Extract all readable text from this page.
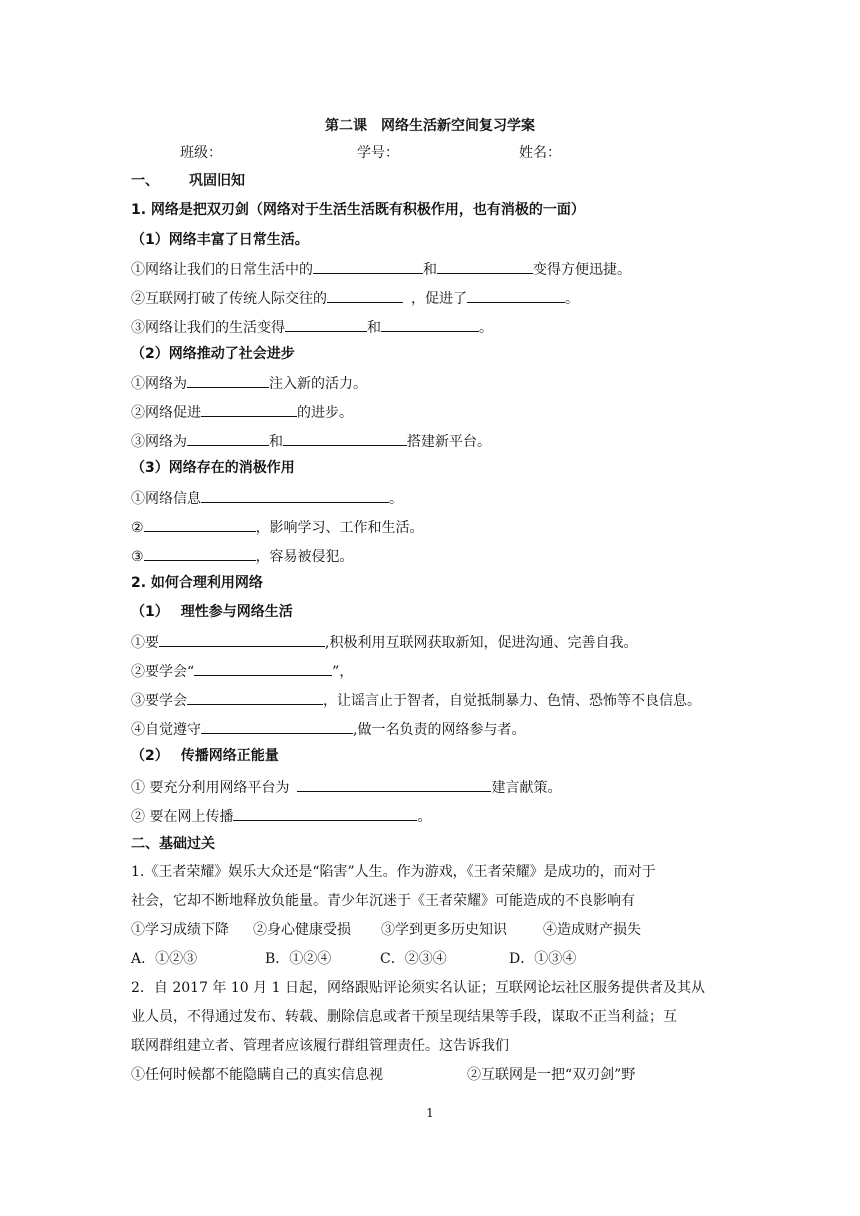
第二课　网络生活新空间复习学案
班级：	学号：	姓名：
一、 巩固旧知
1. 网络是把双刃剑（网络对于生活生活既有积极作用，也有消极的一面）
（1）网络丰富了日常生活。
①网络让我们的日常生活中的	和	变得方便迅捷。
②互联网打破了传统人际交往的	，促进了	。
③网络让我们的生活变得	和	。
（2）网络推动了社会进步
①网络为	注入新的活力。
②网络促进	的进步。
③网络为	和	搭建新平台。
（3）网络存在的消极作用
①网络信息	。
②	，影响学习、工作和生活。
③	，容易被侵犯。
2. 如何合理利用网络
（1） 理性参与网络生活
①要	,积极利用互联网获取新知，促进沟通、完善自我。
②要学会“	”，
③要学会	，让谣言止于智者，自觉抵制暴力、色情、恐怖等不良信息。
④自觉遵守	,做一名负责的网络参与者。
（2） 传播网络正能量
① 要充分利用网络平台为	建言献策。
② 要在网上传播	。
二、基础过关
1.《王者荣耀》娱乐大众还是“陷害”人生。作为游戏，《王者荣耀》是成功的，而对于
社会，它却不断地释放负能量。青少年沉迷于《王者荣耀》可能造成的不良影响有
①学习成绩下降 ②身心健康受损 ③学到更多历史知识	④造成财产损失
A．①②③	B．①②④	C．②③④	D．①③④
2．自 2017 年 10 月 1 日起，网络跟贴评论须实名认证；互联网论坛社区服务提供者及其从
业人员，不得通过发布、转载、删除信息或者干预呈现结果等手段，谋取不正当利益；互
联网群组建立者、管理者应该履行群组管理责任。这告诉我们
①任何时候都不能隐瞒自己的真实信息视	②互联网是一把“双刃剑”野
1
